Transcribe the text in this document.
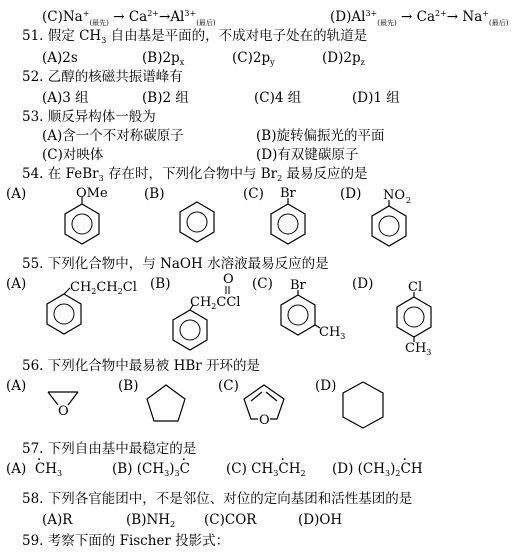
$(C)Na^+_{(最先)} \to Ca^{2+}\to Al^{3+}_{(最后)}$	$(D)Al^{3+}_{(最先)} \to Ca^{2+}\to Na^+_{(最后)}$
51. 假定 $CH_3$ 自由基是平面的，不成对电子处在的轨道是
(A)2s	$(B)2p_x$	$(C)2p_y$	$(D)2p_z$
52. 乙醇的核磁共振谱峰有
(A)3 组	(B)2 组	(C)4 组	(D)1 组
53. 顺反异构体一般为
(A)含一个不对称碳原子	(B)旋转偏振光的平面
(C)对映体	(D)有双键碳原子
54. 在 FeBr$_3$ 存在时，下列化合物中与 $Br_2$ 最易反应的是
(A)	(B)	(C)	(D)
OMe	Br	NO 2
55. 下列化合物中，与 NaOH 水溶液最易反应的是
(A)	(B)	(C)	(D)
$CH_2CH_2Cl$
$CH_2CCl$
O	Br
$CH_3$
Cl
$CH_3$
56. 下列化合物中最易被 HBr 开环的是
(A)	(B)	(C)	(D)
O
O
57. 下列自由基中最稳定的是
$(A) \cdot CH_3$	(B) $(CH_3)_3\cdot C$	(C) $CH_3\cdot CH_2$ (D) $(CH_3)_2\cdot$ CH
58. 下列各官能团中，不是邻位、对位的定向基团和活性基团的是
(A)R	$(B)NH_2$ (C)COR	(D)OH
59. 考察下面的 Fischer 投影式：
